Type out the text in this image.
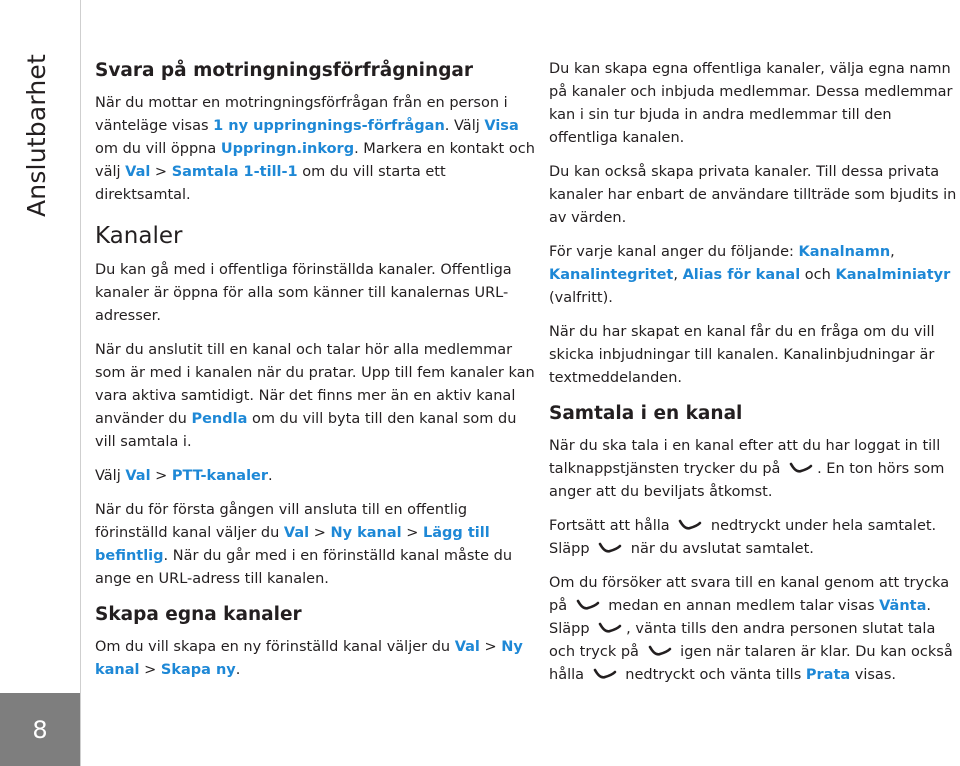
Anslutbarhet
8
Svara på motringningsförfrågningar

När du mottar en motringningsförfrågan från en person i vänteläge visas 1 ny uppringnings-förfrågan. Välj Visa om du vill öppna Uppringn.inkorg. Markera en kontakt och välj Val > Samtala 1-till-1 om du vill starta ett direktsamtal.

Kanaler

Du kan gå med i offentliga förinställda kanaler. Offentliga kanaler är öppna för alla som känner till kanalernas URL-adresser.

När du anslutit till en kanal och talar hör alla medlemmar som är med i kanalen när du pratar. Upp till fem kanaler kan vara aktiva samtidigt. När det finns mer än en aktiv kanal använder du Pendla om du vill byta till den kanal som du vill samtala i.

Välj Val > PTT-kanaler.

När du för första gången vill ansluta till en offentlig förinställd kanal väljer du Val > Ny kanal > Lägg till befintlig. När du går med i en förinställd kanal måste du ange en URL-adress till kanalen.

Skapa egna kanaler

Om du vill skapa en ny förinställd kanal väljer du Val > Ny kanal > Skapa ny.

Du kan skapa egna offentliga kanaler, välja egna namn på kanaler och inbjuda medlemmar. Dessa medlemmar kan i sin tur bjuda in andra medlemmar till den offentliga kanalen.

Du kan också skapa privata kanaler. Till dessa privata kanaler har enbart de användare tillträde som bjudits in av värden.

För varje kanal anger du följande: Kanalnamn, Kanalintegritet, Alias för kanal och Kanalminiatyr (valfritt).

När du har skapat en kanal får du en fråga om du vill skicka inbjudningar till kanalen. Kanalinbjudningar är textmeddelanden.

Samtala i en kanal

När du ska tala i en kanal efter att du har loggat in till talknappstjänsten trycker du på
. En ton hörs som anger att du beviljats åtkomst.

Fortsätt att hålla
nedtryckt under hela samtalet. Släpp
när du avslutat samtalet.

Om du försöker att svara till en kanal genom att trycka på
medan en annan medlem talar visas Vänta. Släpp
, vänta tills den andra personen slutat tala och tryck på
igen när talaren är klar. Du kan också hålla
nedtryckt och vänta tills Prata visas.
